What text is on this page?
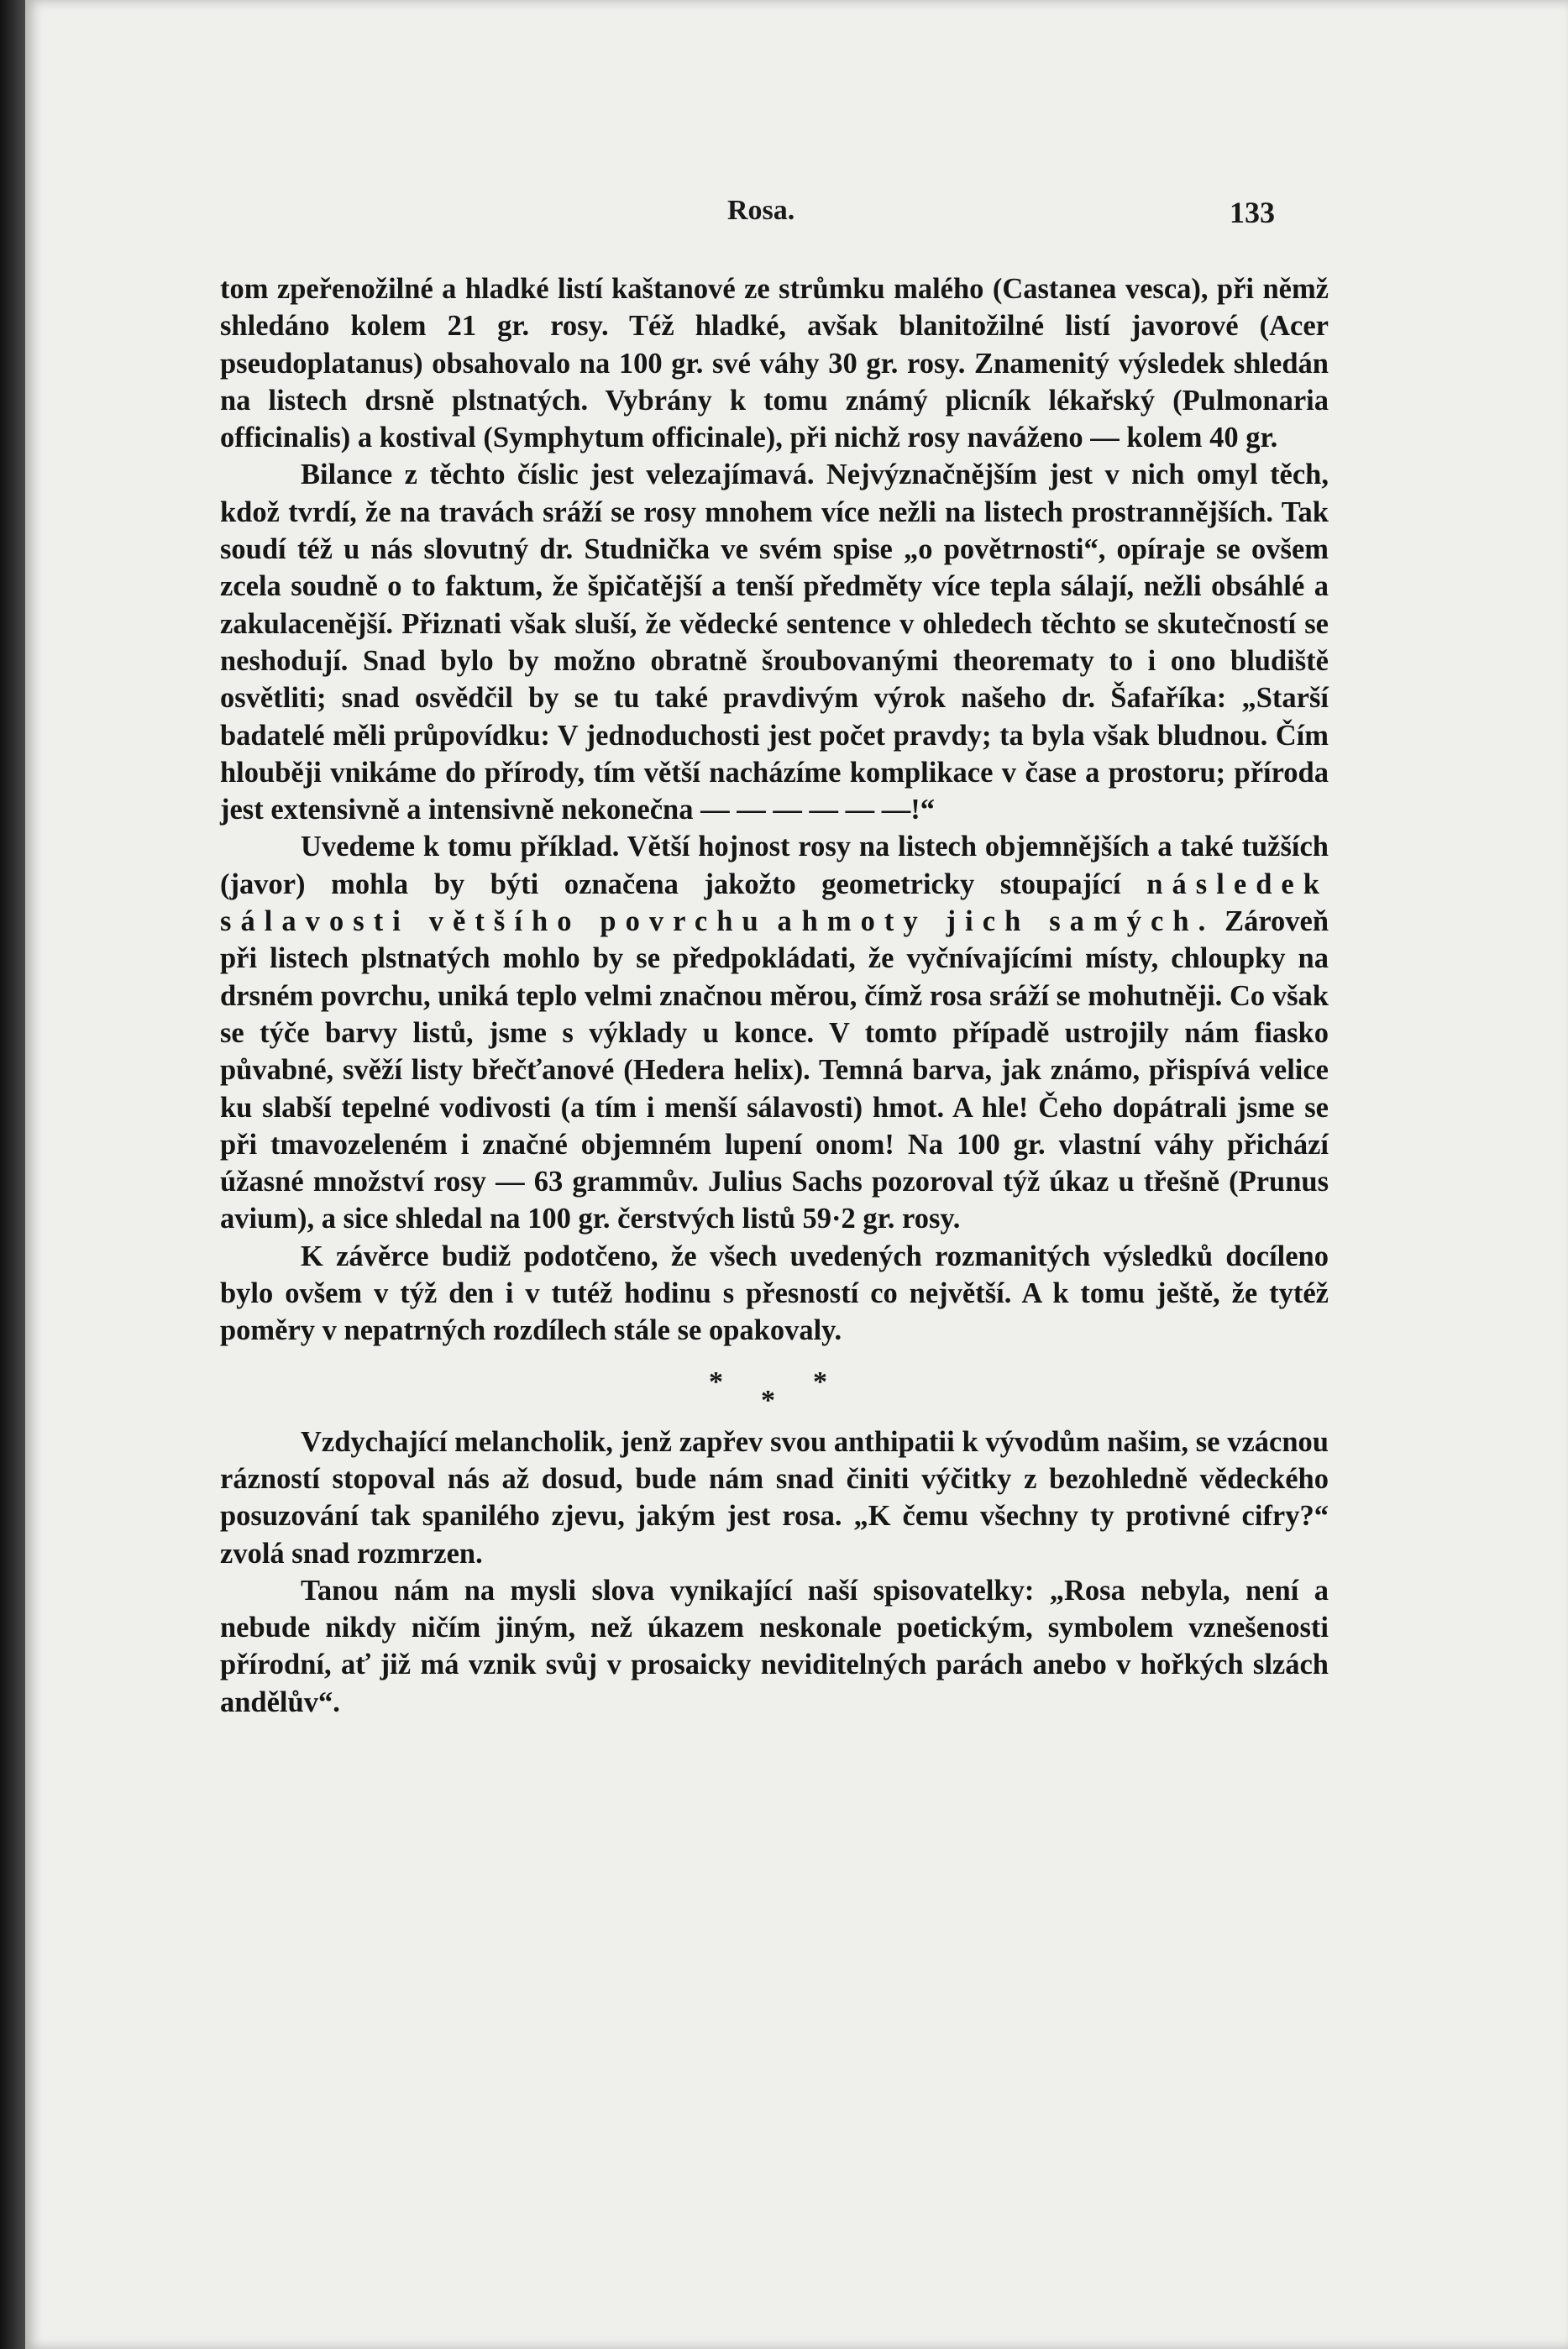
Rosa.	133

tom zpeřenožilné a hladké listí kaštanové ze strůmku malého (Castanea vesca), při němž shledáno kolem 21 gr. rosy. Též hladké, avšak blanitožilné listí javorové (Acer pseudoplatanus) obsahovalo na 100 gr. své váhy 30 gr. rosy. Znamenitý výsledek shledán na listech drsně plstnatých. Vybrány k tomu známý plicník lékařský (Pulmonaria officinalis) a kostival (Symphytum officinale), při nichž rosy naváženo — kolem 40 gr.

Bilance z těchto číslic jest velezajímavá. Nejvýznačnějším jest v nich omyl těch, kdož tvrdí, že na travách sráží se rosy mnohem více nežli na listech prostrannějších. Tak soudí též u nás slovutný dr. Studnička ve svém spise „o povětrnosti“, opíraje se ovšem zcela soudně o to faktum, že špičatější a tenší předměty více tepla sálají, nežli obsáhlé a zakulacenější. Přiznati však sluší, že vědecké sentence v ohledech těchto se skutečností se neshodují. Snad bylo by možno obratně šroubovanými theorematy to i ono bludiště osvětliti; snad osvědčil by se tu také pravdivým výrok našeho dr. Šafaříka: „Starší badatelé měli průpovídku: V jednoduchosti jest počet pravdy; ta byla však bludnou. Čím hlouběji vnikáme do přírody, tím větší nacházíme komplikace v čase a prostoru; příroda jest extensivně a intensivně nekonečna — — — — — —!“

Uvedeme k tomu příklad. Větší hojnost rosy na listech objemnějších a také tužších (javor) mohla by býti označena jakožto geometricky stoupající následek sálavosti většího povrchu a hmoty jich samých. Zároveň při listech plstnatých mohlo by se předpokládati, že vyčnívajícími místy, chloupky na drsném povrchu, uniká teplo velmi značnou měrou, čímž rosa sráží se mohutněji. Co však se týče barvy listů, jsme s výklady u konce. V tomto případě ustrojily nám fiasko půvabné, svěží listy břečťanové (Hedera helix). Temná barva, jak známo, přispívá velice ku slabší tepelné vodivosti (a tím i menší sálavosti) hmot. A hle! Čeho dopátrali jsme se při tmavozeleném i značné objemném lupení onom! Na 100 gr. vlastní váhy přichází úžasné množství rosy — 63 grammův. Julius Sachs pozoroval týž úkaz u třešně (Prunus avium), a sice shledal na 100 gr. čerstvých listů 59·2 gr. rosy.

K závěrce budiž podotčeno, že všech uvedených rozmanitých výsledků docíleno bylo ovšem v týž den i v tutéž hodinu s přesností co největší. A k tomu ještě, že tytéž poměry v nepatrných rozdílech stále se opakovaly.

*	*
*

Vzdychající melancholik, jenž zapřev svou anthipatii k vývodům našim, se vzácnou rázností stopoval nás až dosud, bude nám snad činiti výčitky z bezohledně vědeckého posuzování tak spanilého zjevu, jakým jest rosa. „K čemu všechny ty protivné cifry?“ zvolá snad rozmrzen.

Tanou nám na mysli slova vynikající naší spisovatelky: „Rosa nebyla, není a nebude nikdy ničím jiným, než úkazem neskonale poetickým, symbolem vznešenosti přírodní, ať již má vznik svůj v prosaicky neviditelných parách anebo v hořkých slzách andělův“.
